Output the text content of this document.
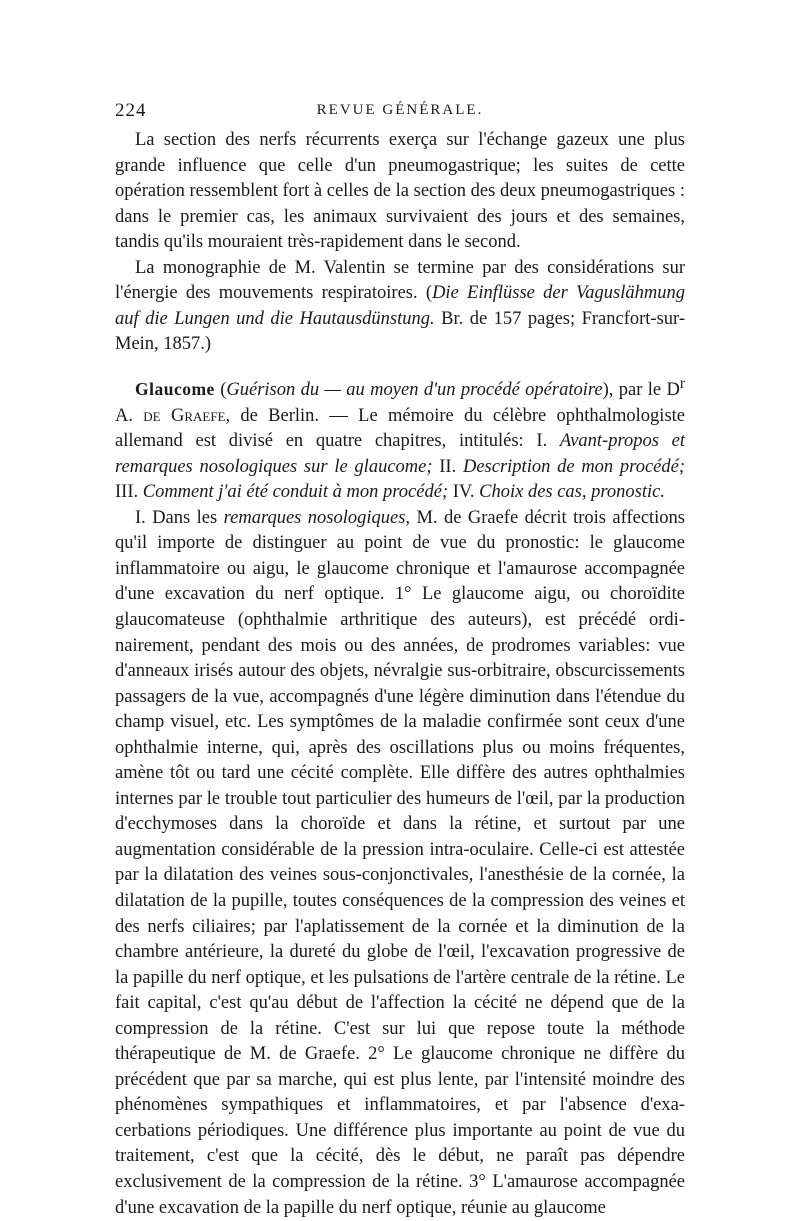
224	REVUE GÉNÉRALE.

La section des nerfs récurrents exerça sur l'échange gazeux une plus grande influence que celle d'un pneumogastrique; les suites de cette opération ressemblent fort à celles de la section des deux pneumogastriques : dans le premier cas, les animaux survivaient des jours et des semaines, tandis qu'ils mouraient très-rapidement dans le second.

La monographie de M. Valentin se termine par des considérations sur l'énergie des mouvements respiratoires. (Die Einflüsse der Vaguslähmung auf die Lungen und die Hautausdünstung. Br. de 157 pages; Francfort-sur-Mein, 1857.)

Glaucome (Guérison du — au moyen d'un procédé opératoire), par le $D^r$ A. de Graefe, de Berlin. — Le mémoire du célèbre ophthalmologiste allemand est divisé en quatre chapitres, intitulés: I. Avant-propos et remarques nosologiques sur le glaucome; II. Description de mon procédé; III. Comment j'ai été conduit à mon procédé; IV. Choix des cas, pronostic.

I. Dans les remarques nosologiques, M. de Graefe décrit trois affections qu'il importe de distinguer au point de vue du pronostic: le glaucome inflammatoire ou aigu, le glaucome chronique et l'amaurose accompagnée d'une excavation du nerf optique. 1° Le glaucome aigu, ou choroïdite glaucomateuse (ophthalmie arthritique des auteurs), est précédé ordinairement, pendant des mois ou des années, de prodromes variables: vue d'anneaux irisés autour des objets, névralgie sus-orbitraire, obscurcissements passagers de la vue, accompagnés d'une légère diminution dans l'étendue du champ visuel, etc. Les symptômes de la maladie confirmée sont ceux d'une ophthalmie interne, qui, après des oscillations plus ou moins fréquentes, amène tôt ou tard une cécité complète. Elle diffère des autres ophthalmies internes par le trouble tout particulier des humeurs de l'œil, par la production d'ecchymoses dans la choroïde et dans la rétine, et surtout par une augmentation considérable de la pression intra-oculaire. Celle-ci est attestée par la dilatation des veines sous-conjonctivales, l'anesthésie de la cornée, la dilatation de la pupille, toutes conséquences de la compression des veines et des nerfs ciliaires; par l'aplatissement de la cornée et la diminution de la chambre antérieure, la dureté du globe de l'œil, l'excavation progressive de la papille du nerf optique, et les pulsations de l'artère centrale de la rétine. Le fait capital, c'est qu'au début de l'affection la cécité ne dépend que de la compression de la rétine. C'est sur lui que repose toute la méthode thérapeutique de M. de Graefe. 2° Le glaucome chronique ne diffère du précédent que par sa marche, qui est plus lente, par l'intensité moindre des phénomènes sympathiques et inflammatoires, et par l'absence d'exacerbations périodiques. Une différence plus importante au point de vue du traitement, c'est que la cécité, dès le début, ne paraît pas dépendre exclusivement de la compression de la rétine. 3° L'amaurose accompagnée d'une excavation de la papille du nerf optique, réunie au glaucome
